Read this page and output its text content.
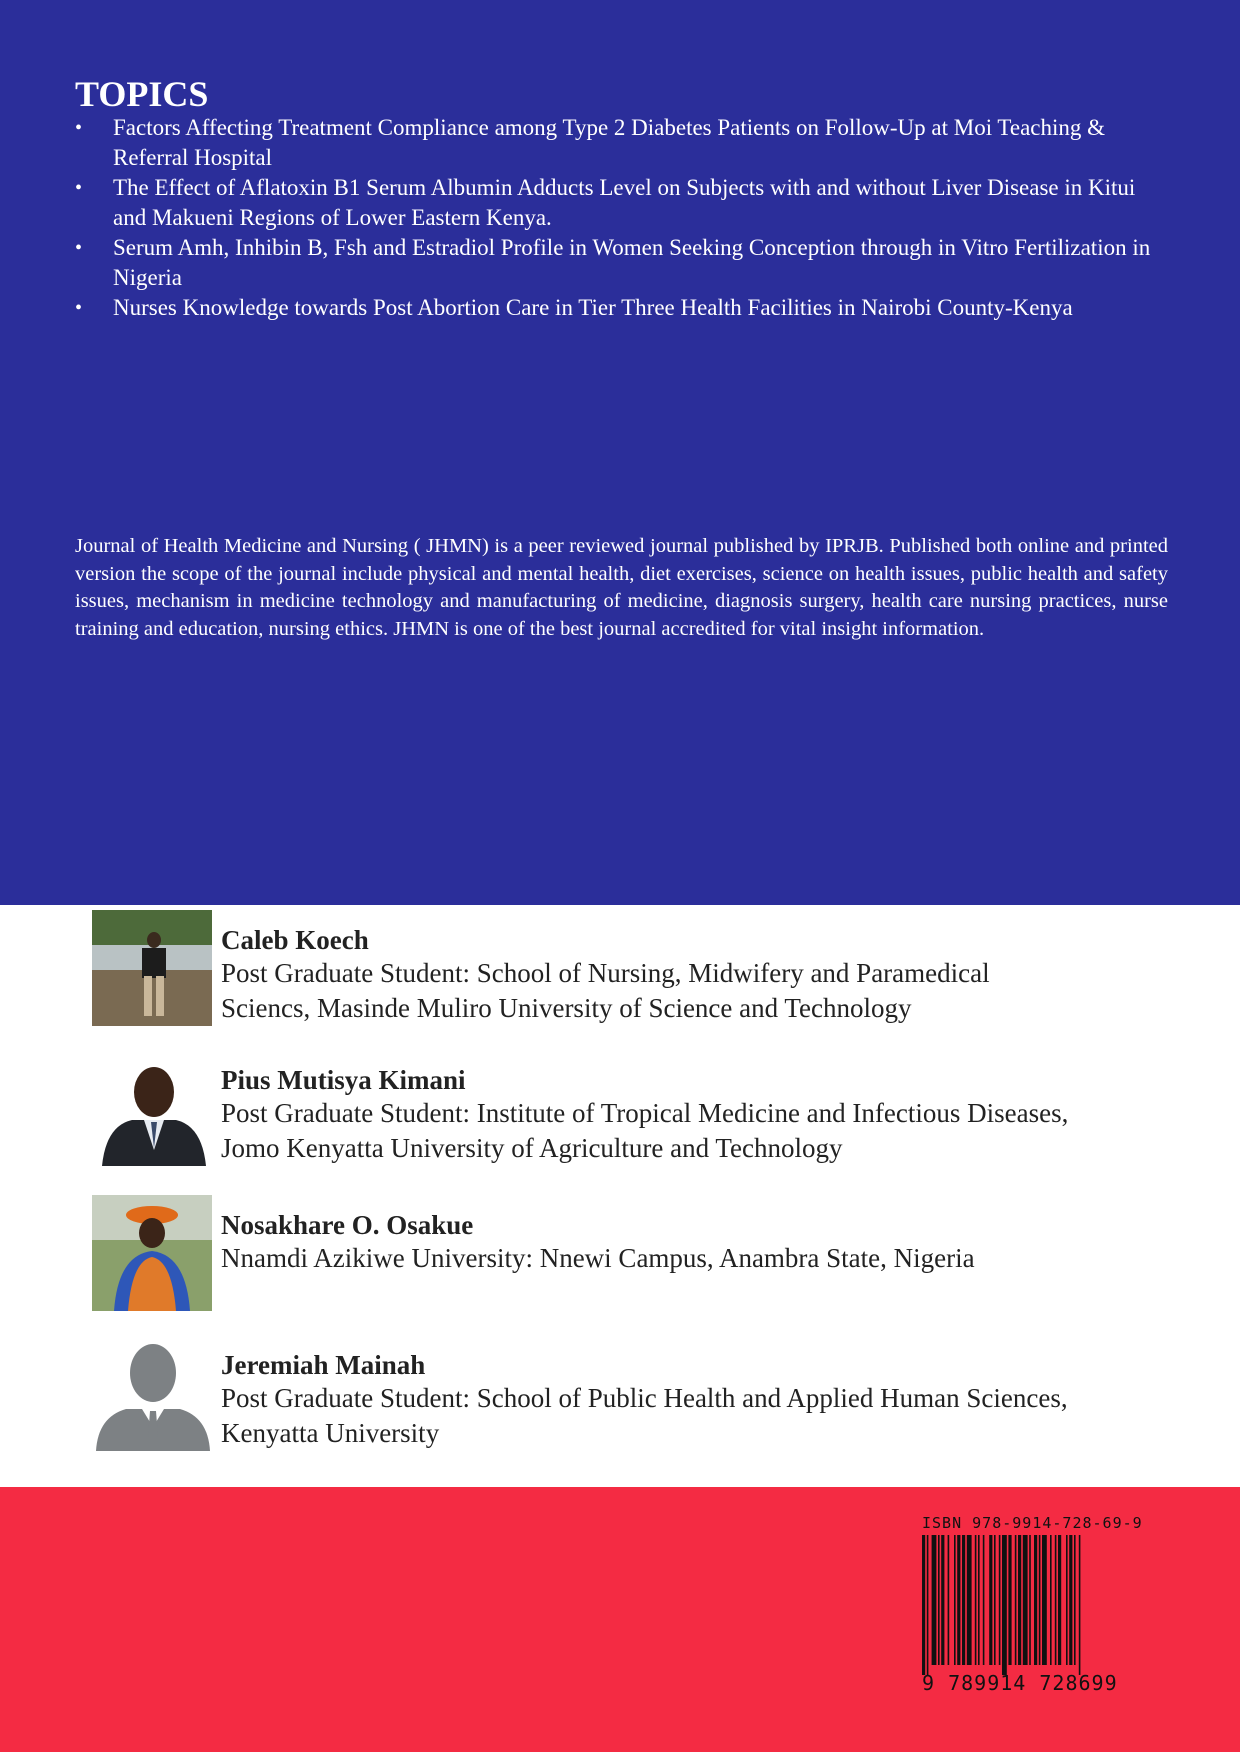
TOPICS
• Factors Affecting Treatment Compliance among Type 2 Diabetes Patients on Follow-Up at Moi Teaching & Referral Hospital
• The Effect of Aflatoxin B1 Serum Albumin Adducts Level on Subjects with and without Liver Disease in Kitui and Makueni Regions of Lower Eastern Kenya.
• Serum Amh, Inhibin B, Fsh and Estradiol Profile in Women Seeking Conception through in Vitro Fertilization in Nigeria
• Nurses Knowledge towards Post Abortion Care in Tier Three Health Facilities in Nairobi County-Kenya

Journal of Health Medicine and Nursing ( JHMN) is a peer reviewed journal published by IPRJB. Published both online and printed version the scope of the journal include physical and mental health, diet exercises, science on health issues, public health and safety issues, mechanism in medicine technology and manufacturing of medicine, diagnosis surgery, health care nursing practices, nurse training and education, nursing ethics. JHMN is one of the best journal accredited for vital insight information.

Caleb Koech

Post Graduate Student: School of Nursing, Midwifery and Paramedical

Sciencs, Masinde Muliro University of Science and Technology

Pius Mutisya Kimani

Post Graduate Student: Institute of Tropical Medicine and Infectious Diseases,

Jomo Kenyatta University of Agriculture and Technology

Nosakhare O. Osakue

Nnamdi Azikiwe University: Nnewi Campus, Anambra State, Nigeria

Jeremiah Mainah

Post Graduate Student: School of Public Health and Applied Human Sciences,

Kenyatta University

ISBN 978-9914-728-69-9
9 789914 728699
